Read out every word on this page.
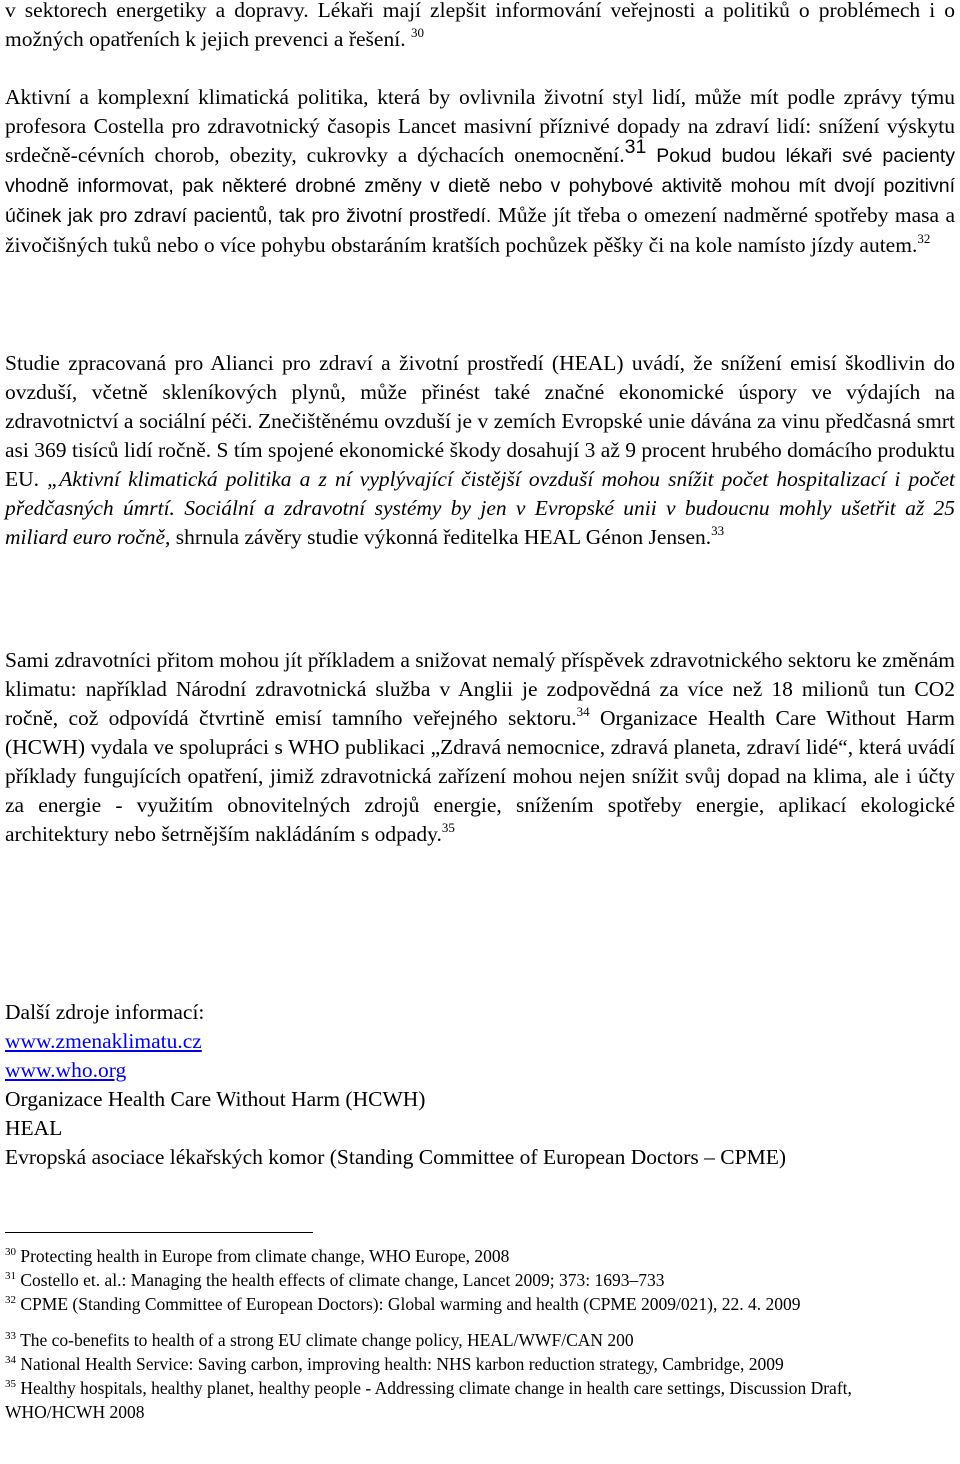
v sektorech energetiky a dopravy. Lékaři mají zlepšit informování veřejnosti a politiků o problémech i o možných opatřeních k jejich prevenci a řešení. $^{30}$

Aktivní a komplexní klimatická politika, která by ovlivnila životní styl lidí, může mít podle zprávy týmu profesora Costella pro zdravotnický časopis Lancet masivní příznivé dopady na zdraví lidí: snížení výskytu srdečně-cévních chorob, obezity, cukrovky a dýchacích onemocnění.$^{31}$ Pokud budou lékaři své pacienty vhodně informovat, pak některé drobné změny v dietě nebo v pohybové aktivitě mohou mít dvojí pozitivní účinek jak pro zdraví pacientů, tak pro životní prostředí. Může jít třeba o omezení nadměrné spotřeby masa a živočišných tuků nebo o více pohybu obstaráním kratších pochůzek pěšky či na kole namísto jízdy autem.$^{32}$

Studie zpracovaná pro Alianci pro zdraví a životní prostředí (HEAL) uvádí, že snížení emisí škodlivin do ovzduší, včetně skleníkových plynů, může přinést také značné ekonomické úspory ve výdajích na zdravotnictví a sociální péči. Znečištěnému ovzduší je v zemích Evropské unie dávána za vinu předčasná smrt asi 369 tisíců lidí ročně. S tím spojené ekonomické škody dosahují 3 až 9 procent hrubého domácího produktu EU. „Aktivní klimatická politika a z ní vyplývající čistější ovzduší mohou snížit počet hospitalizací i počet předčasných úmrtí. Sociální a zdravotní systémy by jen v Evropské unii v budoucnu mohly ušetřit až 25 miliard euro ročně, shrnula závěry studie výkonná ředitelka HEAL Génon Jensen.$^{33}$

Sami zdravotníci přitom mohou jít příkladem a snižovat nemalý příspěvek zdravotnického sektoru ke změnám klimatu: například Národní zdravotnická služba v Anglii je zodpovědná za více než 18 milionů tun CO2 ročně, což odpovídá čtvrtině emisí tamního veřejného sektoru.$^{34}$ Organizace Health Care Without Harm (HCWH) vydala ve spolupráci s WHO publikaci „Zdravá nemocnice, zdravá planeta, zdraví lidé“, která uvádí příklady fungujících opatření, jimiž zdravotnická zařízení mohou nejen snížit svůj dopad na klima, ale i účty za energie - využitím obnovitelných zdrojů energie, snížením spotřeby energie, aplikací ekologické architektury nebo šetrnějším nakládáním s odpady.$^{35}$

Další zdroje informací:
www.zmenaklimatu.cz
www.who.org
Organizace Health Care Without Harm (HCWH)
HEAL
Evropská asociace lékařských komor (Standing Committee of European Doctors – CPME)

$^{30}$ Protecting health in Europe from climate change, WHO Europe, 2008

$^{31}$ Costello et. al.: Managing the health effects of climate change, Lancet 2009; 373: 1693–733

$^{32}$ CPME (Standing Committee of European Doctors): Global warming and health (CPME 2009/021), 22. 4. 2009

$^{33}$ The co-benefits to health of a strong EU climate change policy, HEAL/WWF/CAN 200

$^{34}$ National Health Service: Saving carbon, improving health: NHS karbon reduction strategy, Cambridge, 2009

$^{35}$ Healthy hospitals, healthy planet, healthy people - Addressing climate change in health care settings, Discussion Draft, WHO/HCWH 2008
